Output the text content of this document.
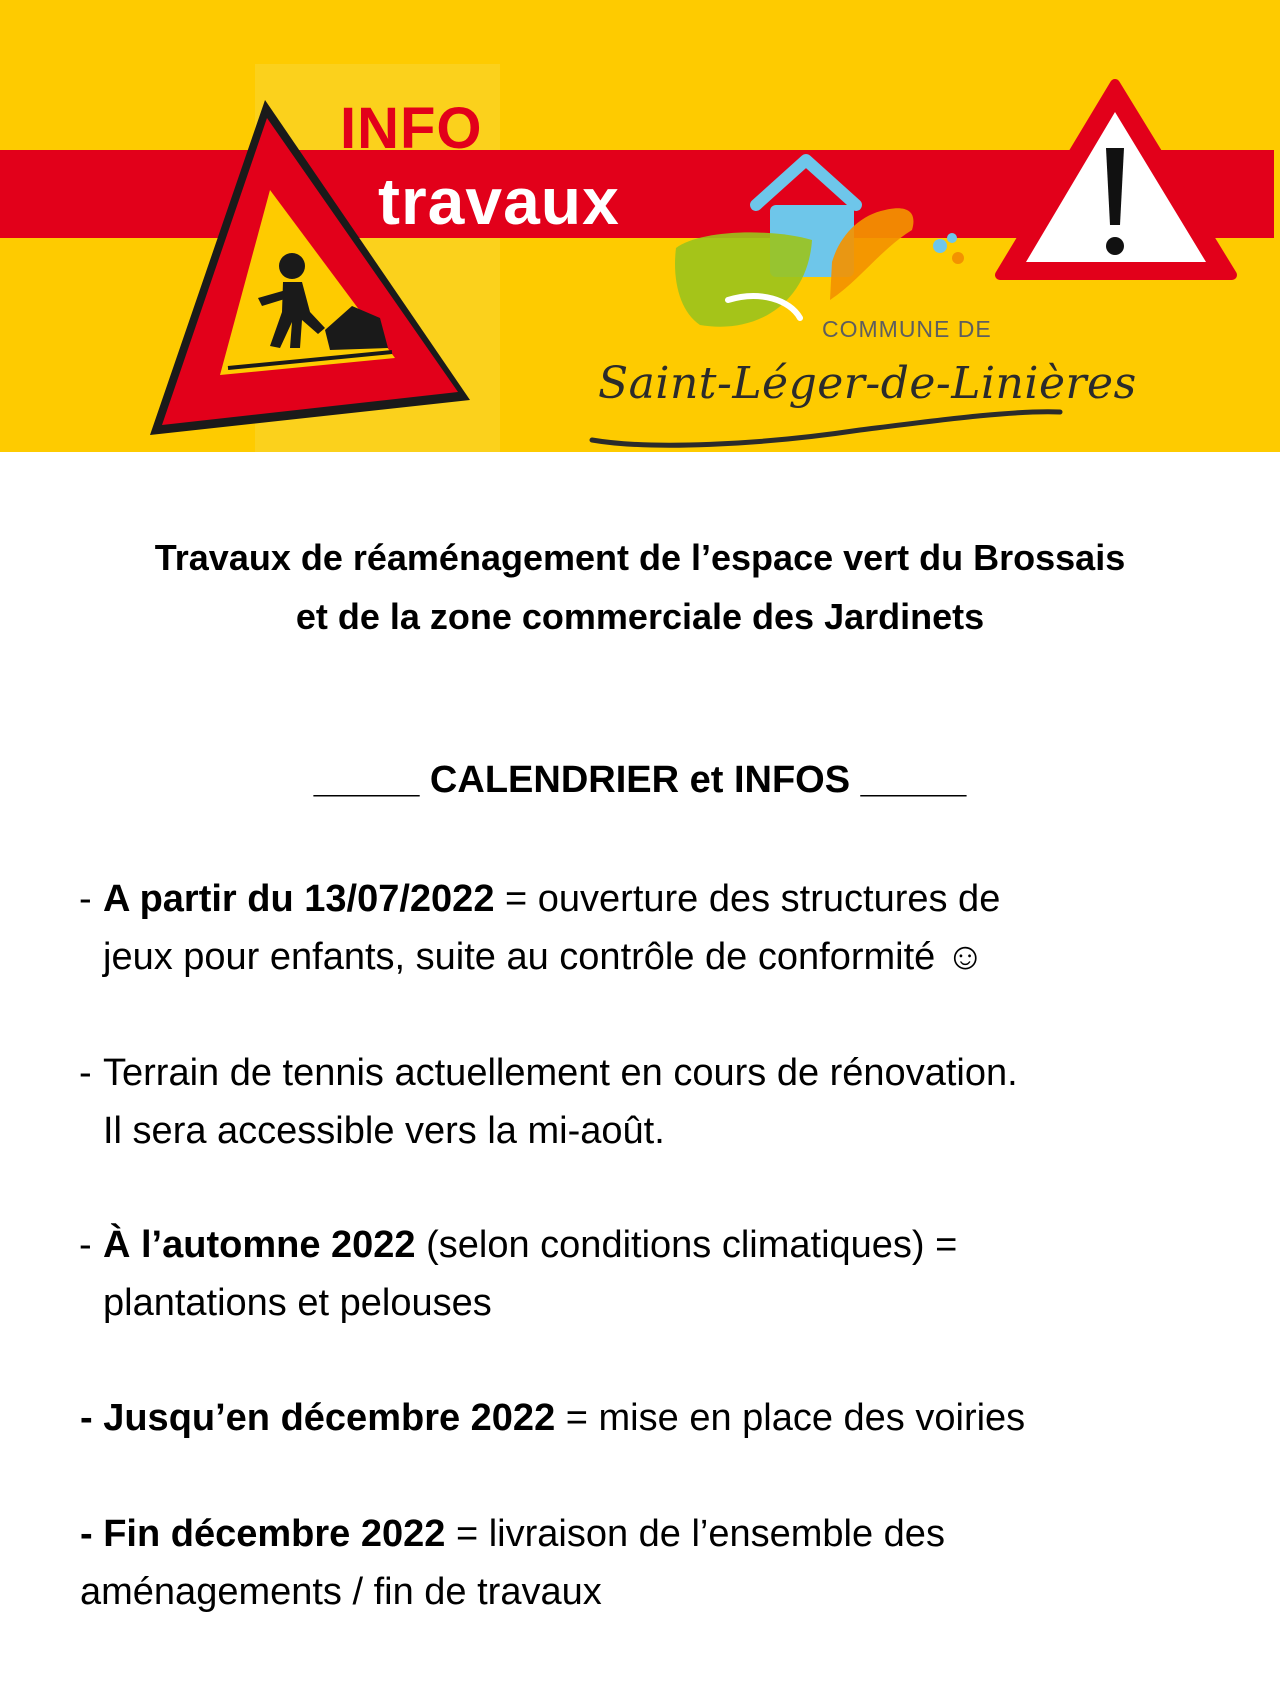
INFO
travaux
COMMUNE DE
Saint-Léger-de-Linières
Travaux de réaménagement de l’espace vert du Brossais
et de la zone commerciale des Jardinets
_____ CALENDRIER et INFOS _____
- A partir du 13/07/2022 = ouverture des structures de
jeux pour enfants, suite au contrôle de conformité ☺
- Terrain de tennis actuellement en cours de rénovation.
Il sera accessible vers la mi-août.
- À l’automne 2022 (selon conditions climatiques) =
plantations et pelouses
- Jusqu’en décembre 2022 = mise en place des voiries
- Fin décembre 2022 = livraison de l’ensemble des
aménagements / fin de travaux
